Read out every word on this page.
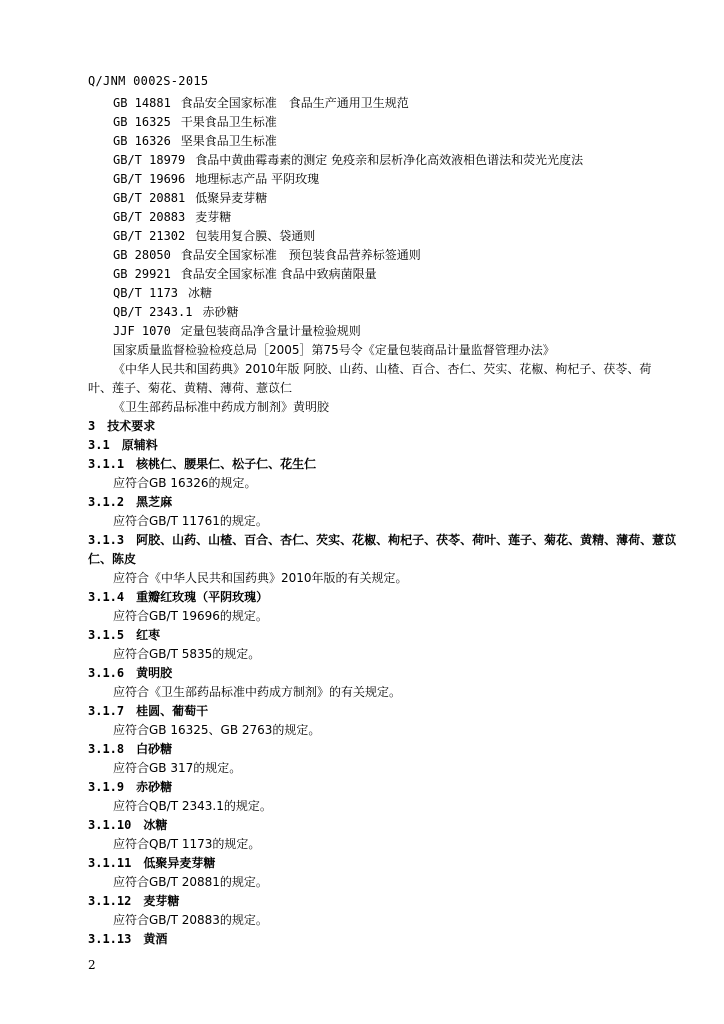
Q/JNM 0002S-2015
GB 14881 食品安全国家标准　食品生产通用卫生规范
GB 16325 干果食品卫生标准
GB 16326 坚果食品卫生标准
GB/T 18979 食品中黄曲霉毒素的测定 免疫亲和层析净化高效液相色谱法和荧光光度法
GB/T 19696 地理标志产品 平阴玫瑰
GB/T 20881 低聚异麦芽糖
GB/T 20883 麦芽糖
GB/T 21302 包装用复合膜、袋通则
GB 28050 食品安全国家标准　预包装食品营养标签通则
GB 29921 食品安全国家标准 食品中致病菌限量
QB/T 1173 冰糖
QB/T 2343.1 赤砂糖
JJF 1070 定量包装商品净含量计量检验规则
国家质量监督检验检疫总局［2005］第75号令《定量包装商品计量监督管理办法》
《中华人民共和国药典》2010年版 阿胶、山药、山楂、百合、杏仁、芡实、花椒、枸杞子、茯苓、荷
叶、莲子、菊花、黄精、薄荷、薏苡仁
《卫生部药品标准中药成方制剂》黄明胶
3 技术要求
3.1 原辅料
3.1.1 核桃仁、腰果仁、松子仁、花生仁
应符合GB 16326的规定。
3.1.2 黑芝麻
应符合GB/T 11761的规定。
3.1.3 阿胶、山药、山楂、百合、杏仁、芡实、花椒、枸杞子、茯苓、荷叶、莲子、菊花、黄精、薄荷、薏苡
仁、陈皮
应符合《中华人民共和国药典》2010年版的有关规定。
3.1.4 重瓣红玫瑰（平阴玫瑰）
应符合GB/T 19696的规定。
3.1.5 红枣
应符合GB/T 5835的规定。
3.1.6 黄明胶
应符合《卫生部药品标准中药成方制剂》的有关规定。
3.1.7 桂圆、葡萄干
应符合GB 16325、GB 2763的规定。
3.1.8 白砂糖
应符合GB 317的规定。
3.1.9 赤砂糖
应符合QB/T 2343.1的规定。
3.1.10 冰糖
应符合QB/T 1173的规定。
3.1.11 低聚异麦芽糖
应符合GB/T 20881的规定。
3.1.12 麦芽糖
应符合GB/T 20883的规定。
3.1.13 黄酒
2
